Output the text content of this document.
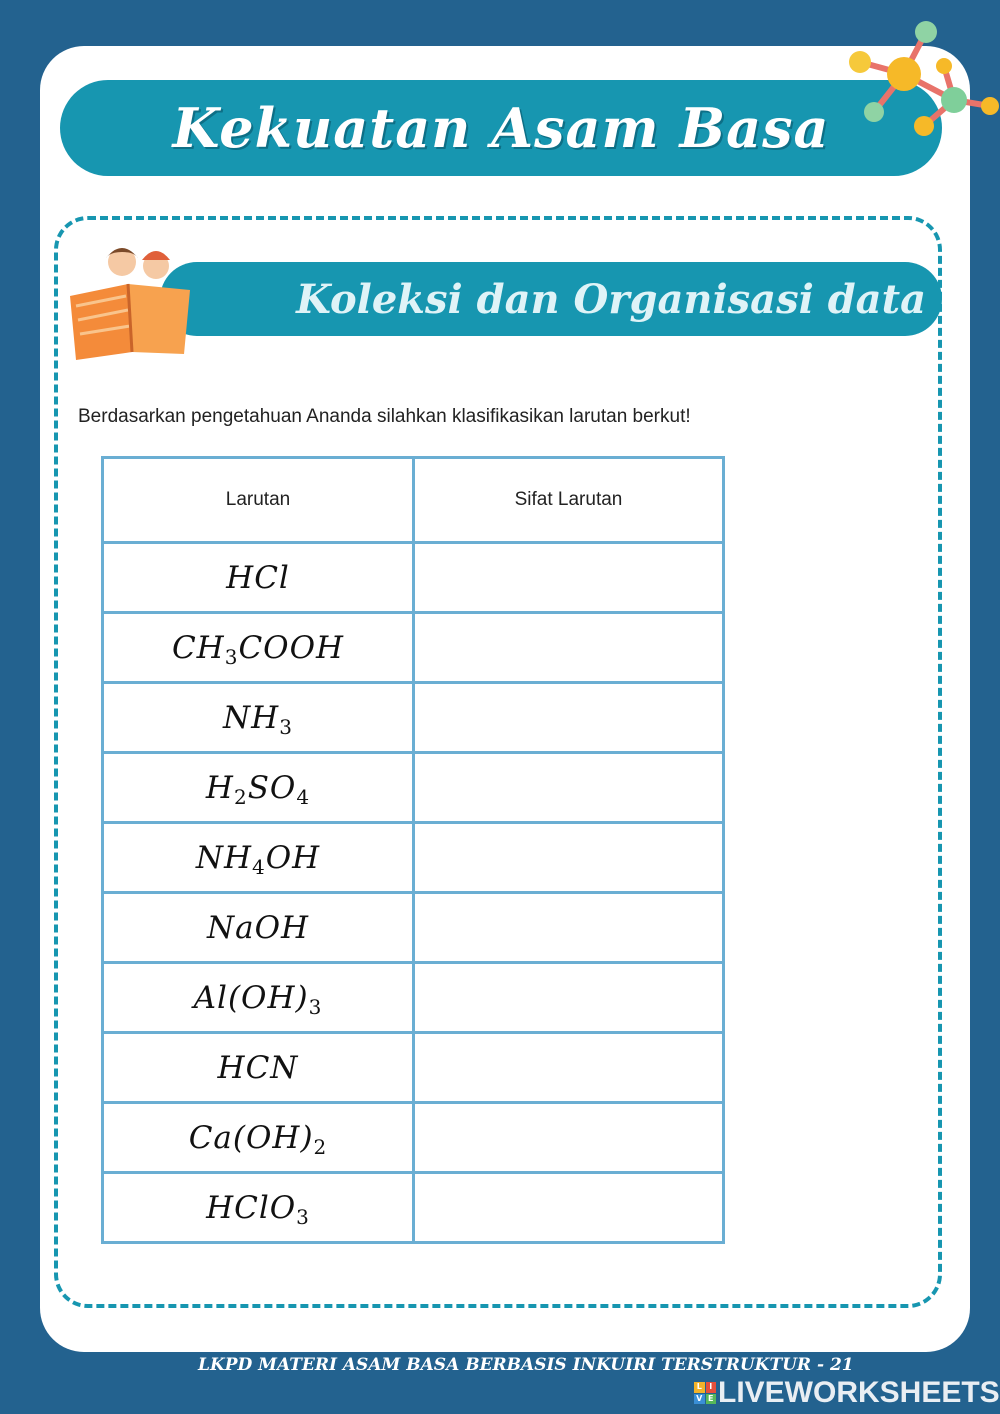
Kekuatan Asam Basa
Koleksi dan Organisasi data
Berdasarkan pengetahuan Ananda silahkan klasifikasikan larutan berkut!
Larutan	Sifat Larutan
HCl	
$CH_3COOH$	
$NH_3$	
$H_2SO_4$	
$NH_4OH$	
NaOH	
$Al(OH)_3$	
HCN	
$Ca(OH)_2$	
HClO$_3$	
LKPD MATERI ASAM BASA BERBASIS INKUIRI TERSTRUKTUR - 21
L I
V E LIVEWORKSHEETS
